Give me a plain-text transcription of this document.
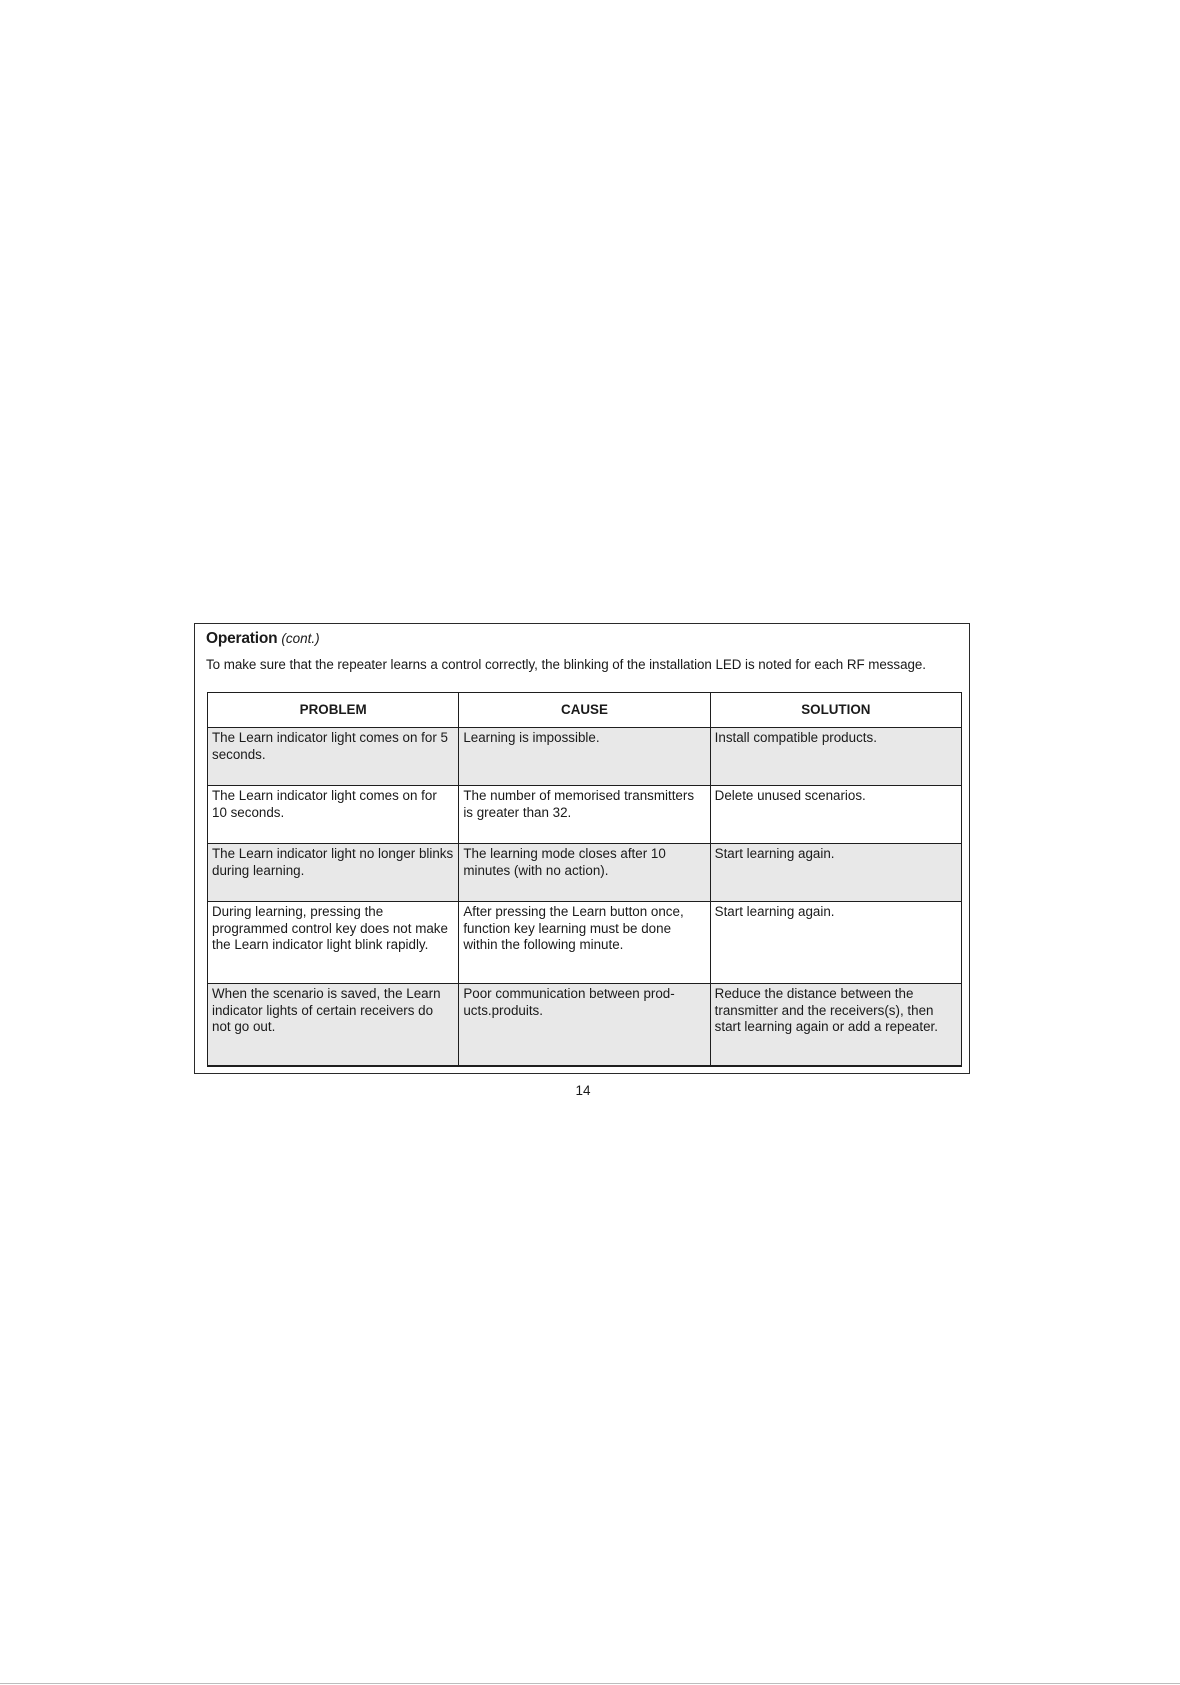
Operation (cont.)
To make sure that the repeater learns a control correctly, the blinking of the installation LED is noted for each RF message.
PROBLEM	CAUSE	SOLUTION
The Learn indicator light comes on for 5 seconds.	Learning is impossible.	Install compatible products.
The Learn indicator light comes on for 10 seconds.	The number of memorised transmitters is greater than 32.	Delete unused scenarios.
The Learn indicator light no longer blinks during learning.	The learning mode closes after 10 minutes (with no action).	Start learning again.
During learning, pressing the programmed control key does not make the Learn indicator light blink rapidly.	After pressing the Learn button once, function key learning must be done within the following minute.	Start learning again.
When the scenario is saved, the Learn indicator lights of certain receivers do not go out.	Poor communication between prod-ucts.produits.	Reduce the distance between the transmitter and the receivers(s), then start learning again or add a repeater.
14
